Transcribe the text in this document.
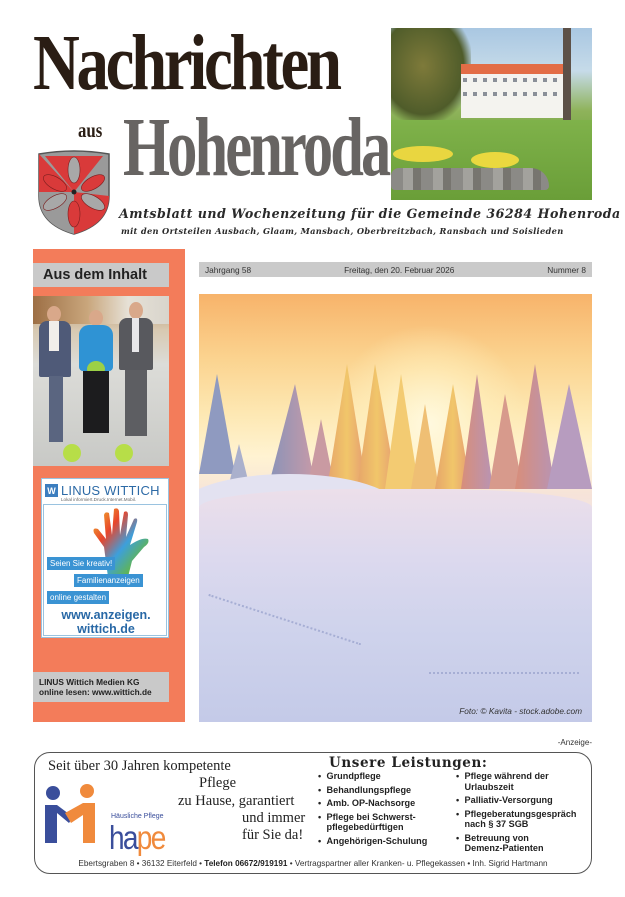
Nachrichten
aus Hohenroda
Amtsblatt und Wochenzeitung für die Gemeinde 36284 Hohenroda
mit den Ortsteilen Ausbach, Glaam, Mansbach, Oberbreitzbach, Ransbach und Soislieden
Aus dem Inhalt
W LINUS WITTICH
Lokal informiert.Druck.Internet.Mobil.
Seien Sie kreativ!
Familienanzeigen
online gestalten
www.anzeigen.
wittich.de
LINUS Wittich Medien KG
online lesen: www.wittich.de
Jahrgang 58	Freitag, den 20. Februar 2026	Nummer 8
Foto: © Kavita - stock.adobe.com
-Anzeige-
Seit über 30 Jahren kompetente
Pflege
zu Hause, garantiert
und immer
für Sie da!
Häusliche Pflege
hape
Unsere Leistungen:
• Grundpflege
• Behandlungspflege
• Amb. OP-Nachsorge
• Pflege bei Schwerst-
pflegebedürftigen
• Angehörigen-Schulung
• Pflege während der
Urlaubszeit
• Palliativ-Versorgung
• Pflegeberatungsgespräch
nach § 37 SGB
• Betreuung von
Demenz-Patienten
Ebertsgraben 8 • 36132 Eiterfeld • Telefon 06672/919191 • Vertragspartner aller Kranken- u. Pflegekassen • Inh. Sigrid Hartmann
